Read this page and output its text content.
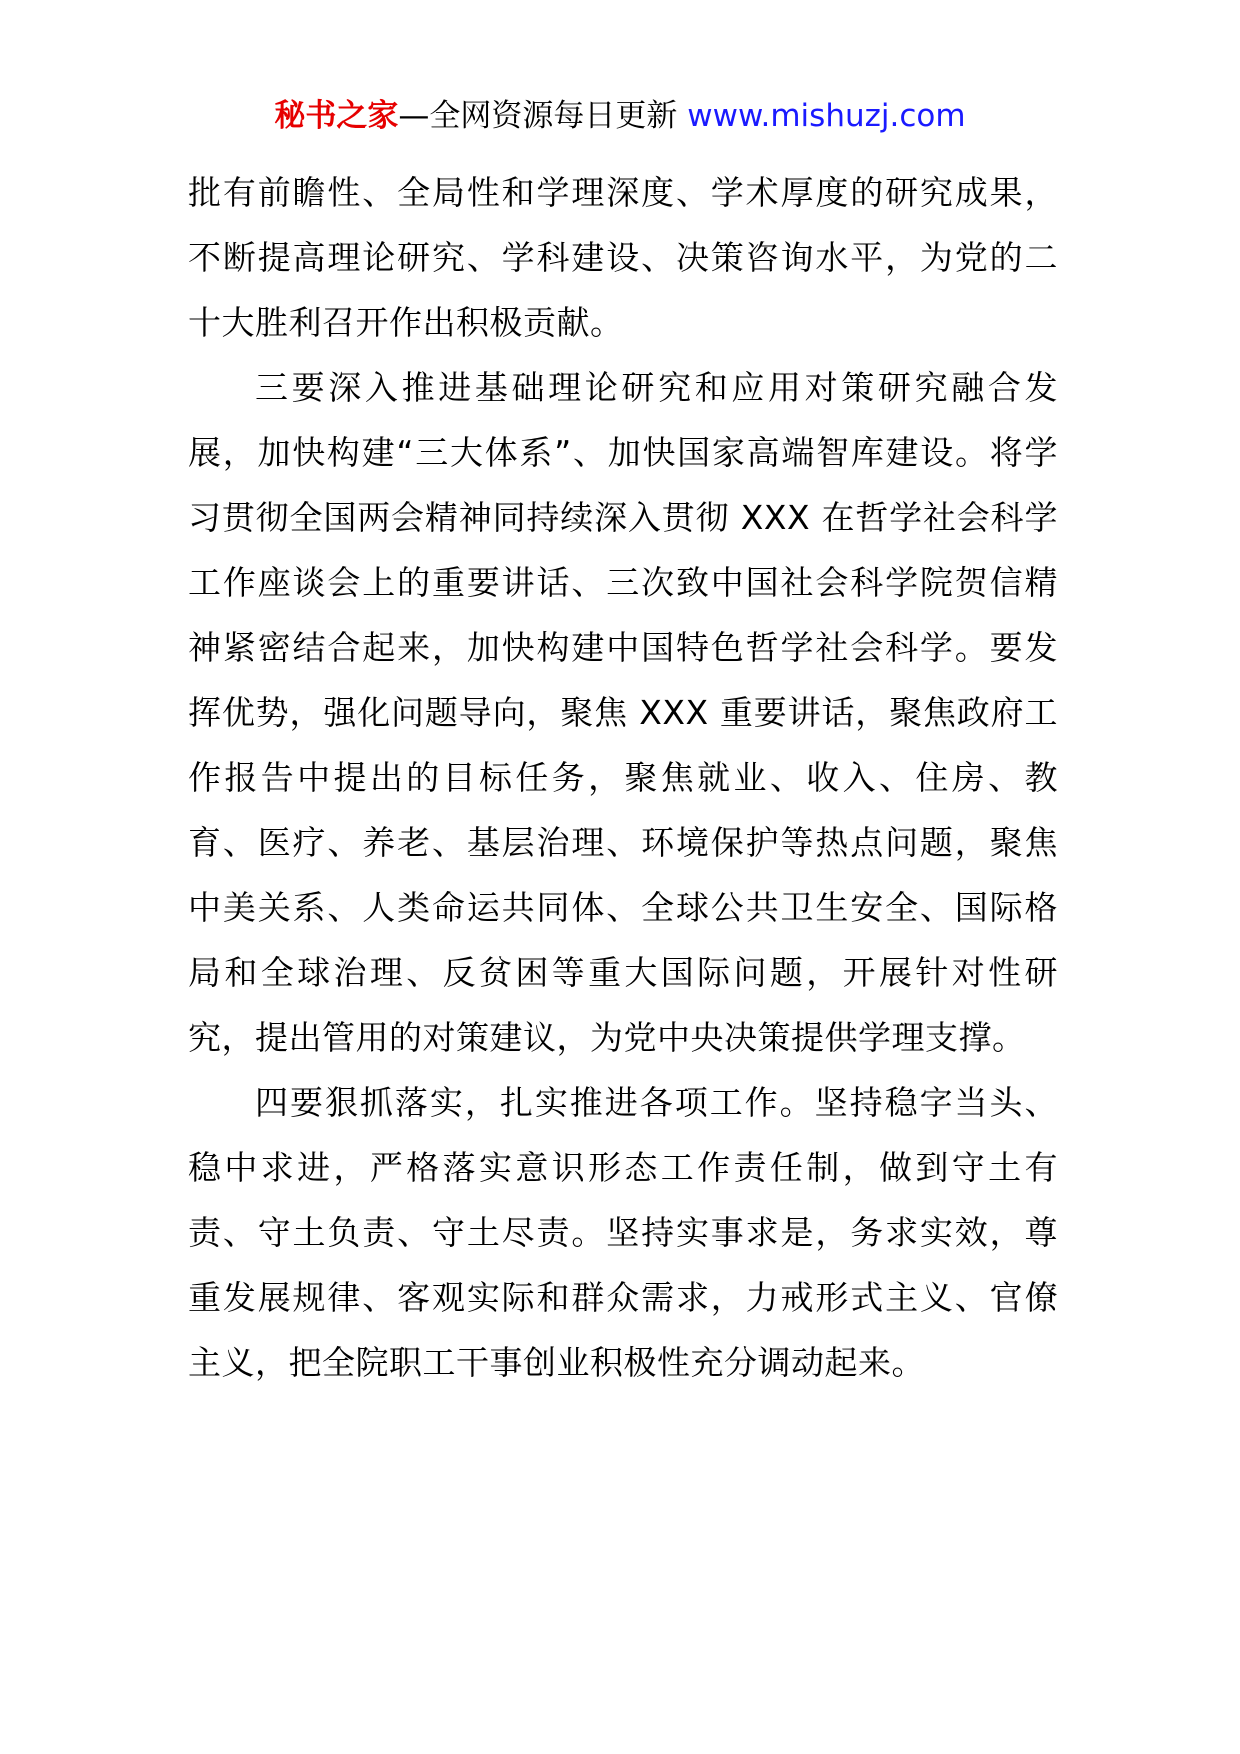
秘书之家—全网资源每日更新 www.mishuzj.com

批有前瞻性、全局性和学理深度、学术厚度的研究成果，不断提高理论研究、学科建设、决策咨询水平，为党的二十大胜利召开作出积极贡献。

三要深入推进基础理论研究和应用对策研究融合发展，加快构建“三大体系”、加快国家高端智库建设。将学习贯彻全国两会精神同持续深入贯彻 XXX 在哲学社会科学工作座谈会上的重要讲话、三次致中国社会科学院贺信精神紧密结合起来，加快构建中国特色哲学社会科学。要发挥优势，强化问题导向，聚焦 XXX 重要讲话，聚焦政府工作报告中提出的目标任务，聚焦就业、收入、住房、教育、医疗、养老、基层治理、环境保护等热点问题，聚焦中美关系、人类命运共同体、全球公共卫生安全、国际格局和全球治理、反贫困等重大国际问题，开展针对性研究，提出管用的对策建议，为党中央决策提供学理支撑。

四要狠抓落实，扎实推进各项工作。坚持稳字当头、稳中求进，严格落实意识形态工作责任制，做到守土有责、守土负责、守土尽责。坚持实事求是，务求实效，尊重发展规律、客观实际和群众需求，力戒形式主义、官僚主义，把全院职工干事创业积极性充分调动起来。
